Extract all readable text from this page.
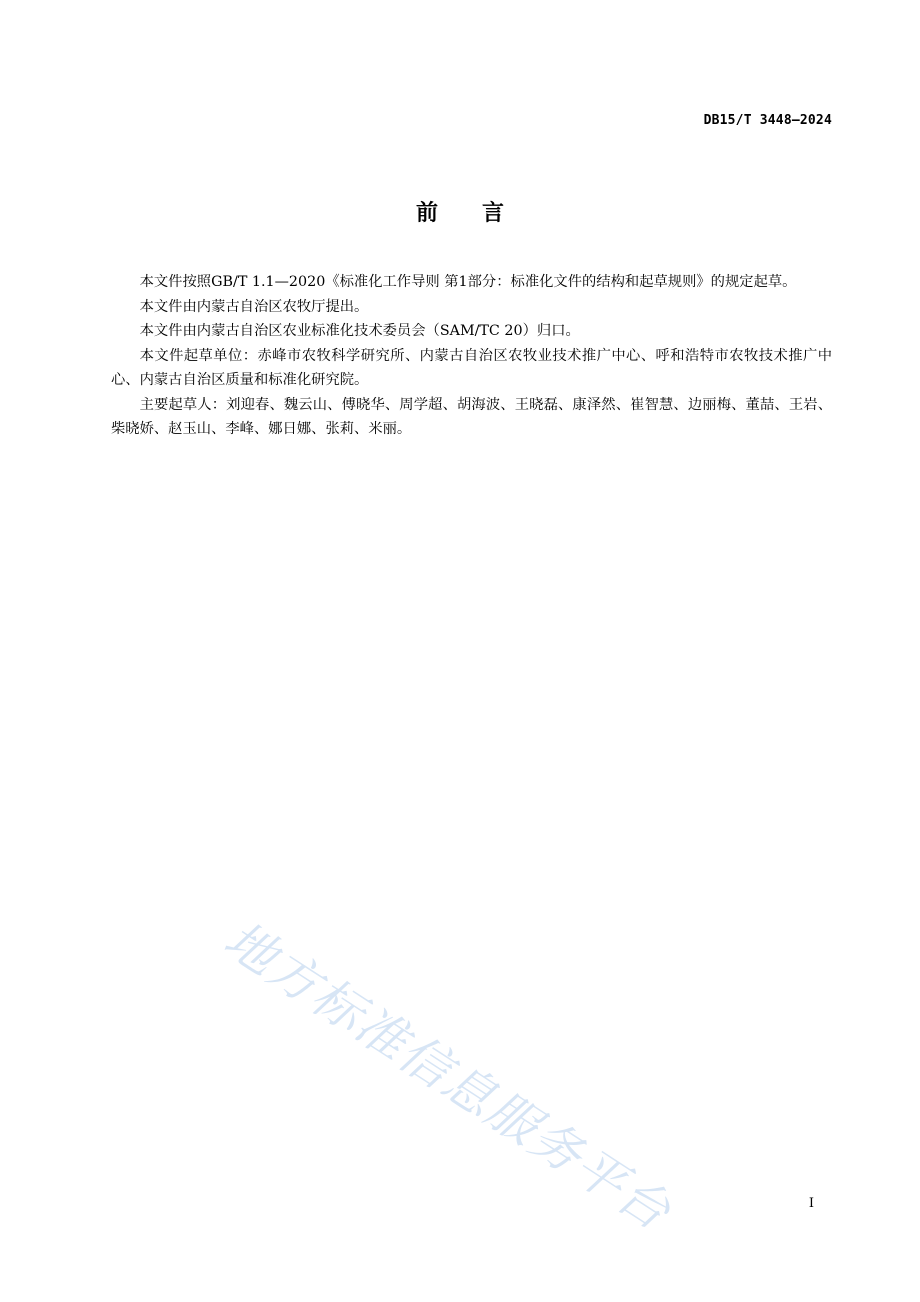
DB15/T 3448—2024
前 言

本文件按照GB/T 1.1—2020《标准化工作导则 第1部分：标准化文件的结构和起草规则》的规定起草。

本文件由内蒙古自治区农牧厅提出。

本文件由内蒙古自治区农业标准化技术委员会（SAM/TC 20）归口。

本文件起草单位：赤峰市农牧科学研究所、内蒙古自治区农牧业技术推广中心、呼和浩特市农牧技术推广中心、内蒙古自治区质量和标准化研究院。

主要起草人：刘迎春、魏云山、傅晓华、周学超、胡海波、王晓磊、康泽然、崔智慧、边丽梅、董喆、王岩、柴晓娇、赵玉山、李峰、娜日娜、张莉、米丽。

地方标准信息服务平台	I
